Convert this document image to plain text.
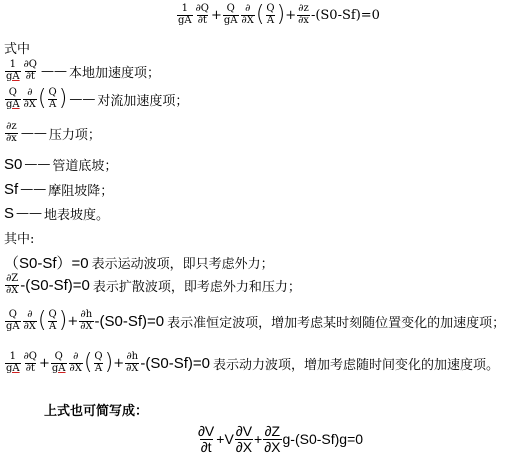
$\frac{1}{gA} \frac{\partial Q}{\partial t} + \frac{Q}{gA} \frac{\partial}{\partial X}$ ( $\frac{Q}{A}$ ) + $\frac{\partial z}{\partial x} -(S0-Sf)=0$
式中
$\frac{1}{gA} \frac{\partial Q}{\partial t}$ —— 本地加速度项；
$\frac{Q}{gA} \frac{\partial}{\partial X}$ ( $\frac{Q}{A}$ ) —— 对流加速度项；
$\frac{\partial z}{\partial x}$ —— 压力项；
S0 —— 管道底坡；
Sf —— 摩阻坡降；
S —— 地表坡度。
其中:
（S0-Sf）=0 表示运动波项，即只考虑外力；
$\frac{\partial Z}{\partial X} -(S0-Sf)=0$ 表示扩散波项，即考虑外力和压力；
$\frac{Q}{gA} \frac{\partial}{\partial X}$ ( $\frac{Q}{A}$ ) + $\frac{\partial h}{\partial X} -(S0-Sf)=0$ 表示准恒定波项，增加考虑某时刻随位置变化的加速度项；
$\frac{1}{gA} \frac{\partial Q}{\partial t} + \frac{Q}{gA} \frac{\partial}{\partial X}$ ( $\frac{Q}{A}$ ) + $\frac{\partial h}{\partial X} -(S0-Sf)=0$ 表示动力波项，增加考虑随时间变化的加速度项。
上式也可简写成：
$\frac{\partial V}{\partial t} +V \frac{\partial V}{\partial X} + \frac{\partial Z}{\partial X} g-(S0-Sf)g=0$
